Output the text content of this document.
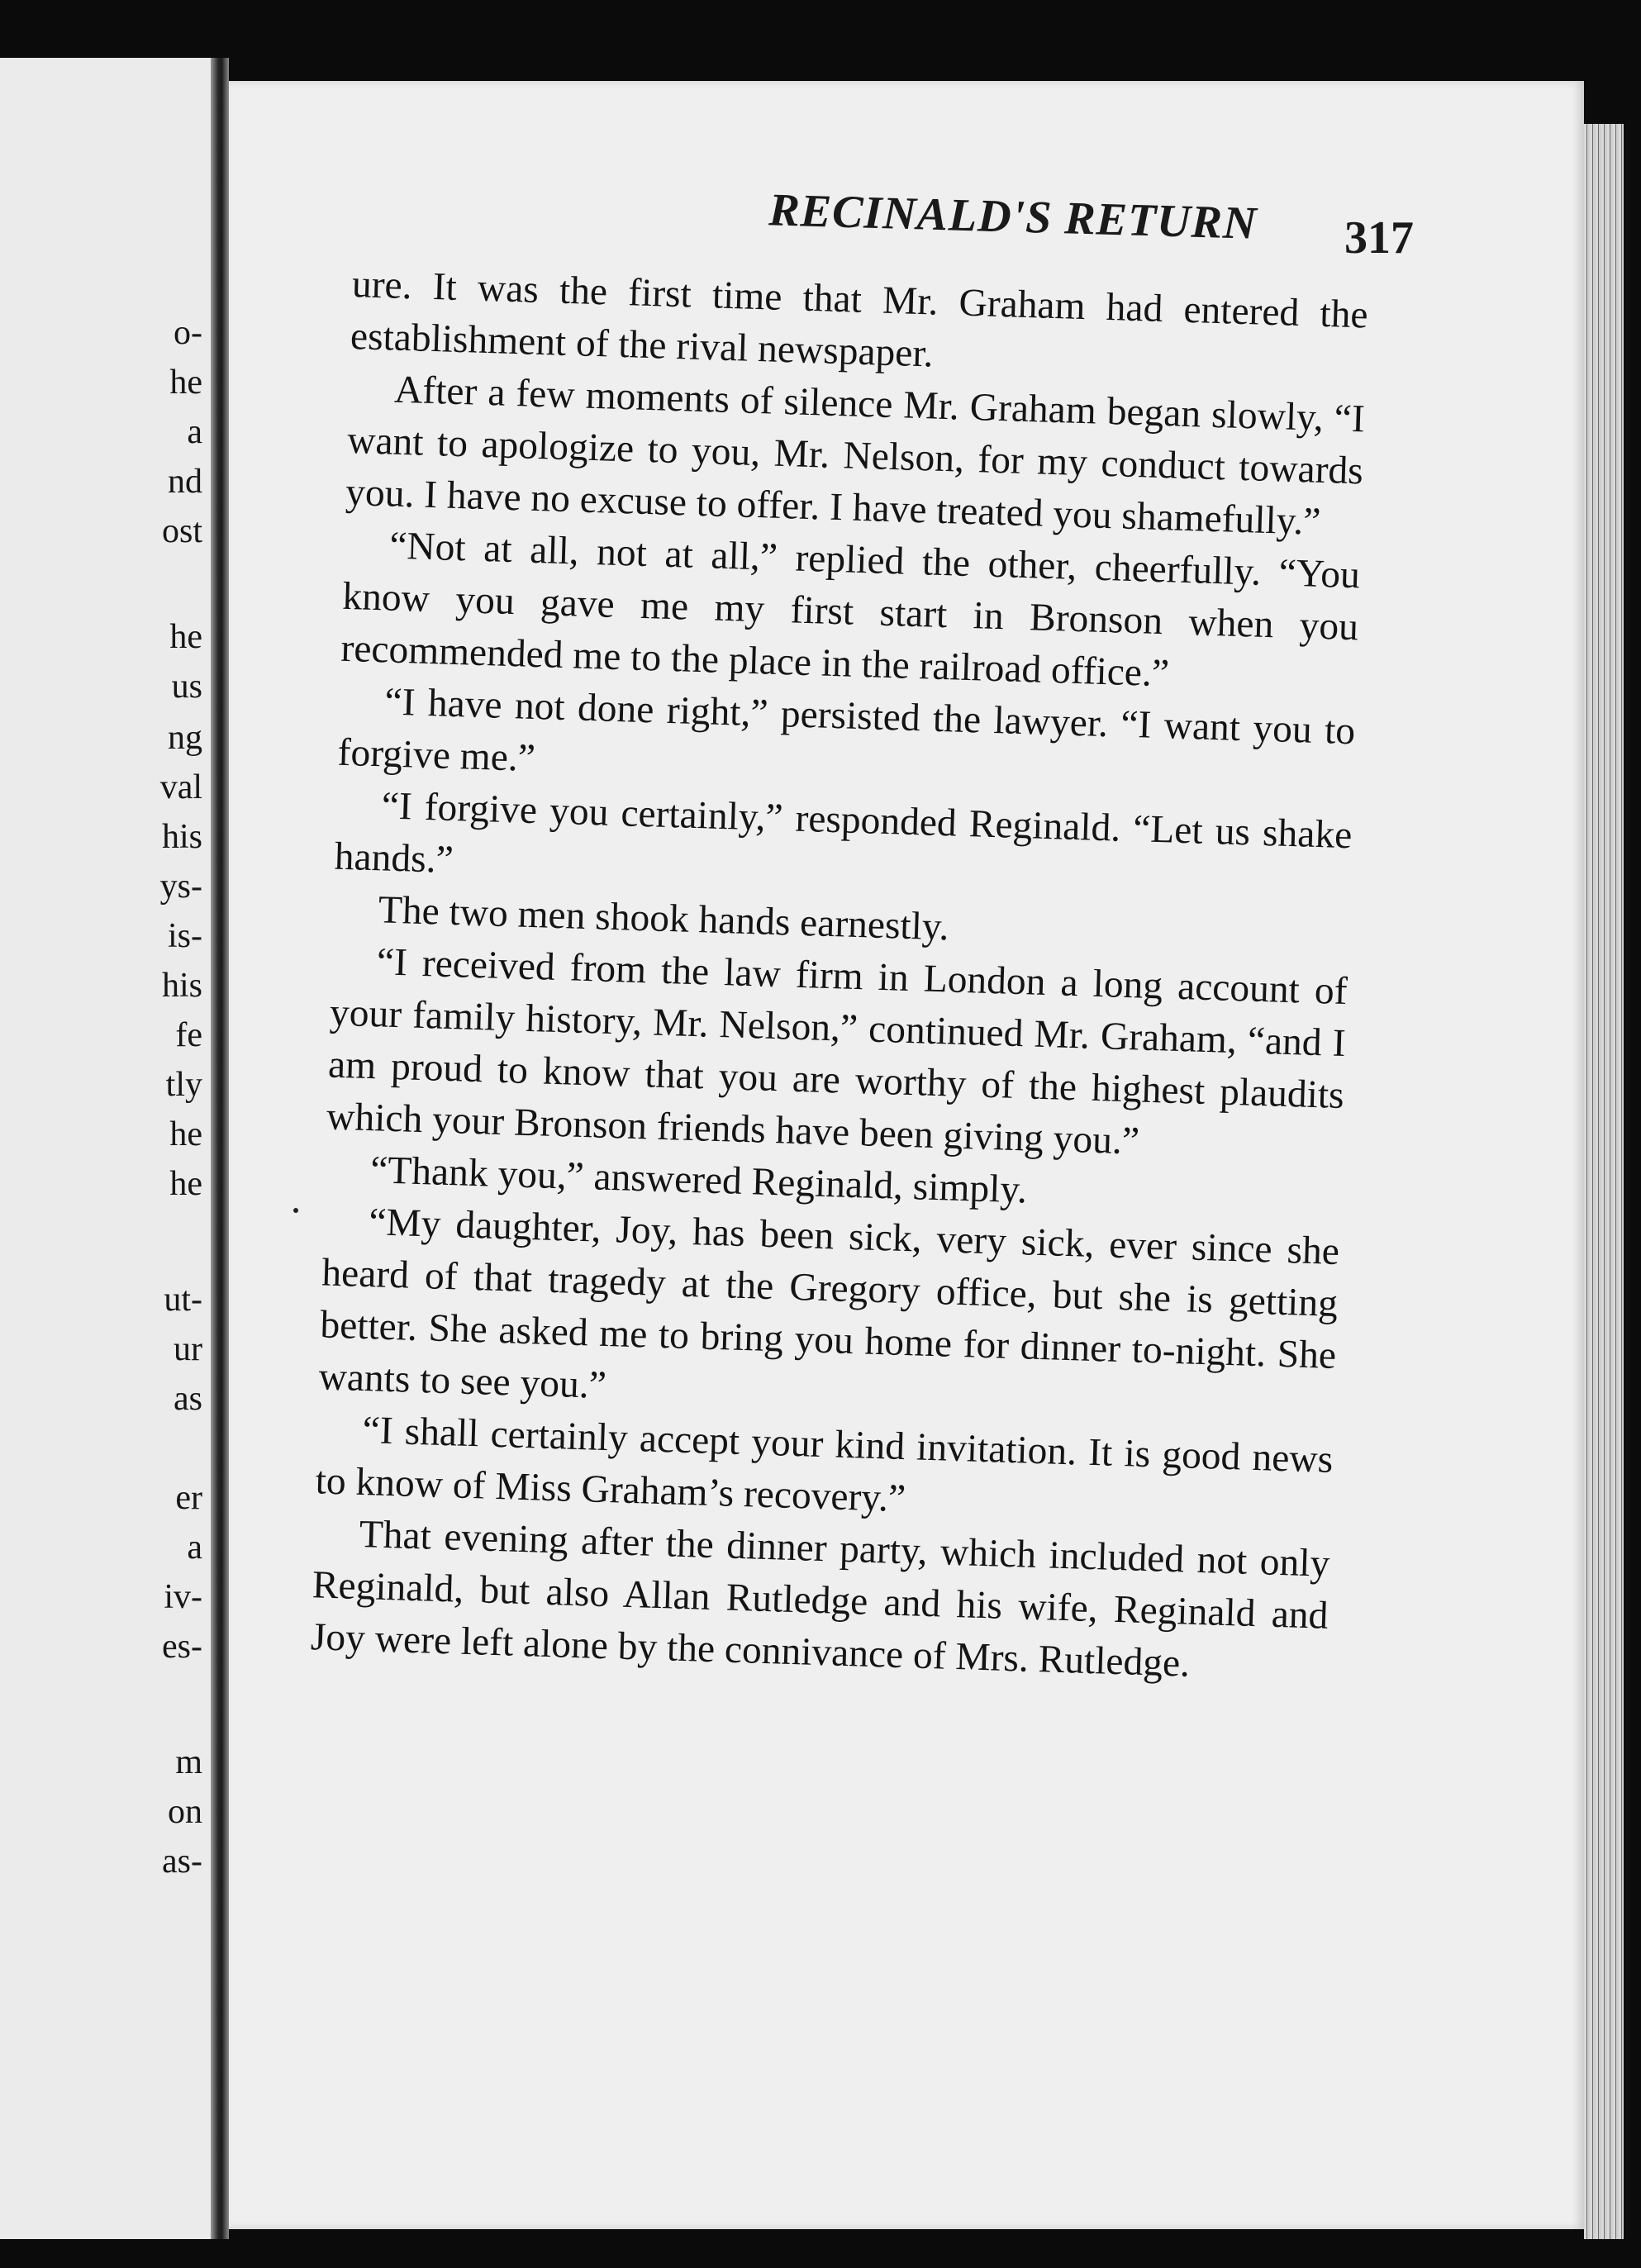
o-
he
a
nd
ost
he
us
ng
val
his
ys-
is-
his
fe
tly
he
he
ut-
ur
as
er
a
iv-
es-
m
on
as-
RECINALD'S RETURN	317

ure. It was the first time that Mr. Graham had entered the establishment of the rival newspaper.

After a few moments of silence Mr. Graham began slowly, “I want to apologize to you, Mr. Nelson, for my conduct towards you. I have no excuse to offer. I have treated you shamefully.”

“Not at all, not at all,” replied the other, cheerfully. “You know you gave me my first start in Bronson when you recommended me to the place in the railroad office.”

“I have not done right,” persisted the lawyer. “I want you to forgive me.”

“I forgive you certainly,” responded Reginald. “Let us shake hands.”

The two men shook hands earnestly.

“I received from the law firm in London a long account of your family history, Mr. Nelson,” continued Mr. Graham, “and I am proud to know that you are worthy of the highest plaudits which your Bronson friends have been giving you.”

“Thank you,” answered Reginald, simply.

“My daughter, Joy, has been sick, very sick, ever since she heard of that tragedy at the Gregory office, but she is getting better. She asked me to bring you home for dinner to-night. She wants to see you.”

“I shall certainly accept your kind invitation. It is good news to know of Miss Graham’s recovery.”

That evening after the dinner party, which included not only Reginald, but also Allan Rutledge and his wife, Reginald and Joy were left alone by the connivance of Mrs. Rutledge.
